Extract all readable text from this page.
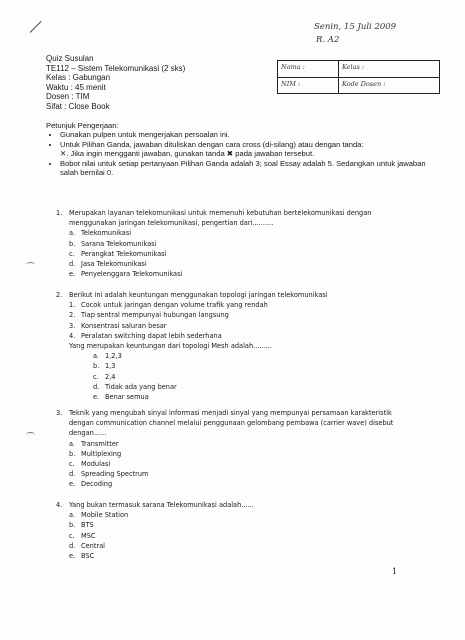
Senin, 15 Juli 2009
R. A2
Quiz Susulan
TE112 – Sistem Telekomunikasi (2 sks)
Kelas : Gabungan
Waktu : 45 menit
Dosen : TIM
Sifat : Close Book
Nama :	Kelas :
NIM :	Kode Dosen :
Petunjuk Pengerjaan:
• Gunakan pulpen untuk mengerjakan persoalan ini.
• Untuk Pilihan Ganda, jawaban dituliskan dengan cara cross (di-silang) atau dengan tanda:
✕. Jika ingin mengganti jawaban, gunakan tanda ✖ pada jawaban tersebut.
• Bobot nilai untuk setiap pertanyaan Pilihan Ganda adalah 3; soal Essay adalah 5. Sedangkan untuk jawaban salah bernilai 0.
1. Merupakan layanan telekomunikasi untuk memenuhi kebutuhan bertelekomunikasi dengan menggunakan jaringan telekomunikasi, pengertian dari..........
a. Telekomunikasi
b. Sarana Telekomunikasi
c. Perangkat Telekomunikasi
d. Jasa Telekomunikasi
e. Penyelenggara Telekomunikasi
2. Berikut ini adalah keuntungan menggunakan topologi jaringan telekomunikasi
1. Cocok untuk jaringan dengan volume trafik yang rendah
2. Tiap sentral mempunyai hubungan langsung
3. Konsentrasi saluran besar
4. Peralatan switching dapat lebih sederhana
Yang merupakan keuntungan dari topologi Mesh adalah.........
a. 1,2,3
b. 1,3
c. 2,4
d. Tidak ada yang benar
e. Benar semua
3. Teknik yang mengubah sinyal informasi menjadi sinyal yang mempunyai persamaan karakteristik dengan communication channel melalui penggunaan gelombang pembawa (carrier wave) disebut dengan......
a. Transmitter
b. Multiplexing
c. Modulasi
d. Spreading Spectrum
e. Decoding
4. Yang bukan termasuk sarana Telekomunikasi adalah......
a. Mobile Station
b. BTS
c. MSC
d. Central
e. BSC
1
